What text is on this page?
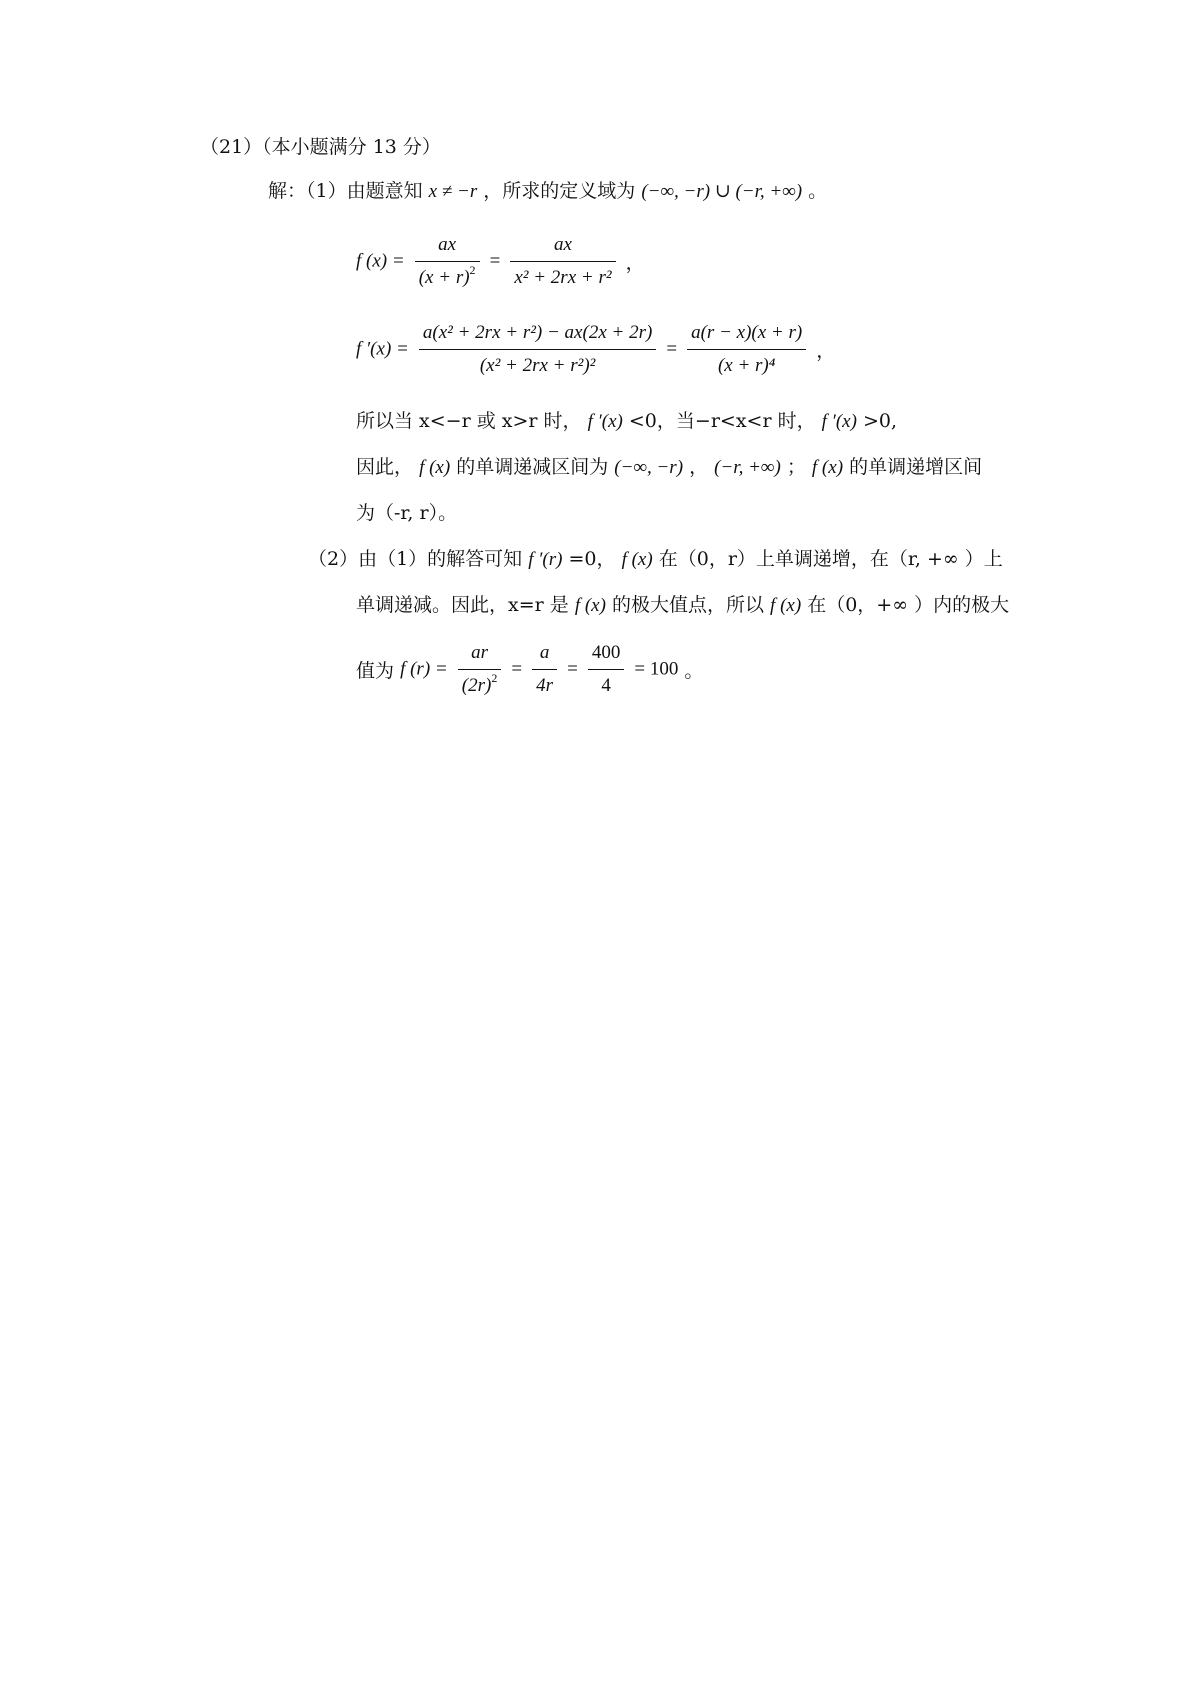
（21）（本小题满分 13 分）
解：（1）由题意知 x ≠ −r ，所求的定义域为 (−∞, −r) ∪ (−r, +∞) 。
f $(x) = \frac{ax}{(x + r)^2} = \frac{ax}{\text{x² + 2rx + r²}}$ ，
f $'(x) = \frac{\text{a(x² + 2rx + r²) − ax(2x + 2r)}}{\text{(x² + 2rx + r²)²}} = \frac{a(r - x)(x + r)}{\text{(x + r)⁴}}$ ，
所以当 x<−r 或 x>r 时， f ′(x) <0，当−r<x<r 时， f ′(x) >0,
因此， f (x) 的单调递减区间为 (−∞, −r) ， (−r, +∞) ； f (x) 的单调递增区间
为（-r, r）。
（2）由（1）的解答可知 f ′(r) =0， f (x) 在（0，r）上单调递增，在（r, +∞ ）上
单调递减。因此，x=r 是 f (x) 的极大值点，所以 f (x) 在（0，+∞ ）内的极大
值为 f $(r) = \frac{ar}{(2r)^2} = \frac{a}{4r} = \frac{400}{4} = 100$ 。
